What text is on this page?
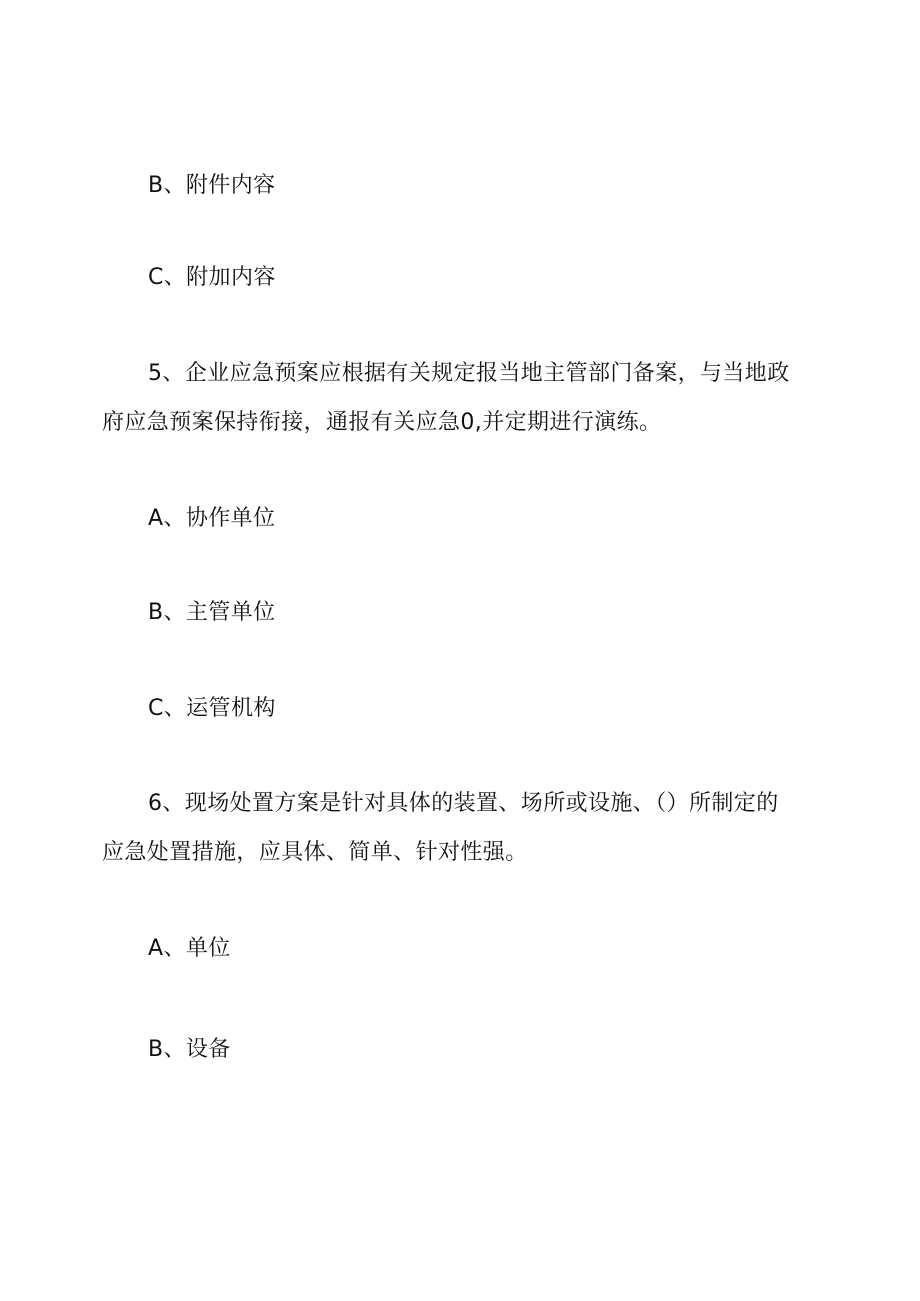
B、附件内容
C、附加内容
5、企业应急预案应根据有关规定报当地主管部门备案，与当地政
府应急预案保持衔接，通报有关应急0,并定期进行演练。
A、协作单位
B、主管单位
C、运管机构
6、现场处置方案是针对具体的装置、场所或设施、（）所制定的
应急处置措施，应具体、简单、针对性强。
A、单位
B、设备
